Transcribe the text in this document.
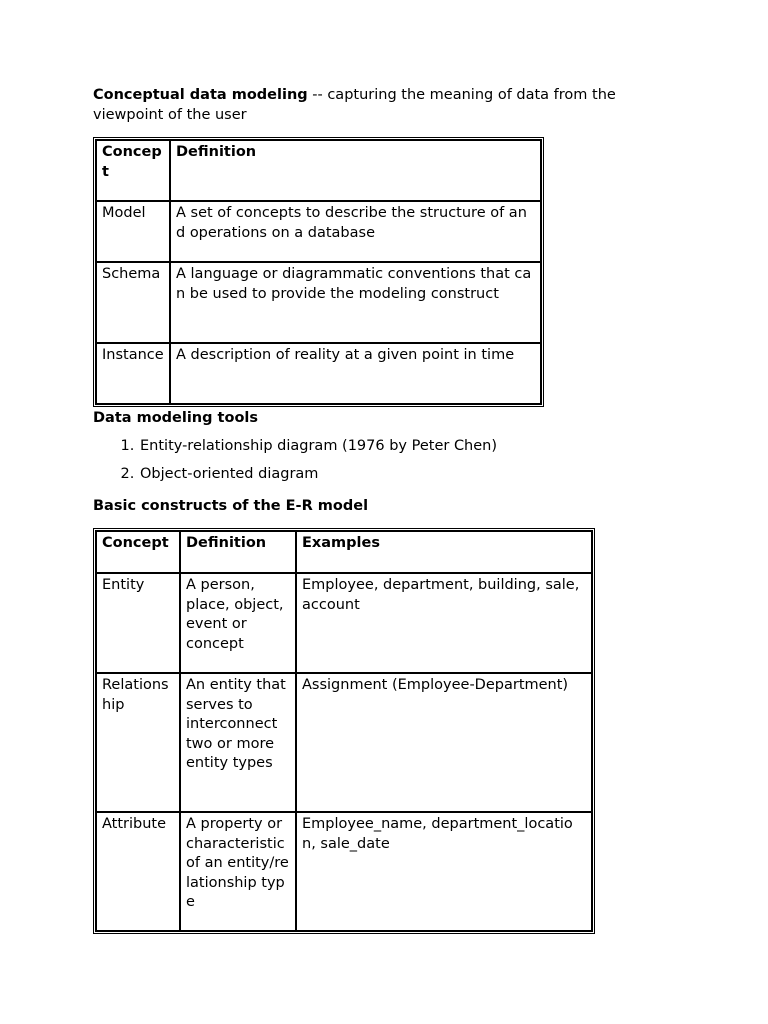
Conceptual data modeling -- capturing the meaning of data from the viewpoint of the user

Concept	Definition
Model	A set of concepts to describe the structure of and operations on a database
Schema	A language or diagrammatic conventions that can be used to provide the modeling construct
Instance	A description of reality at a given point in time

Data modeling tools

1. Entity-relationship diagram (1976 by Peter Chen)
2. Object-oriented diagram

Basic constructs of the E-R model

Concept	Definition	Examples
Entity	A person, place, object, event or concept	Employee, department, building, sale, account
Relationship	An entity that serves to interconnect two or more entity types	Assignment (Employee-Department)
Attribute	A property or characteristic of an entity/relationship type	Employee_name, department_location, sale_date
